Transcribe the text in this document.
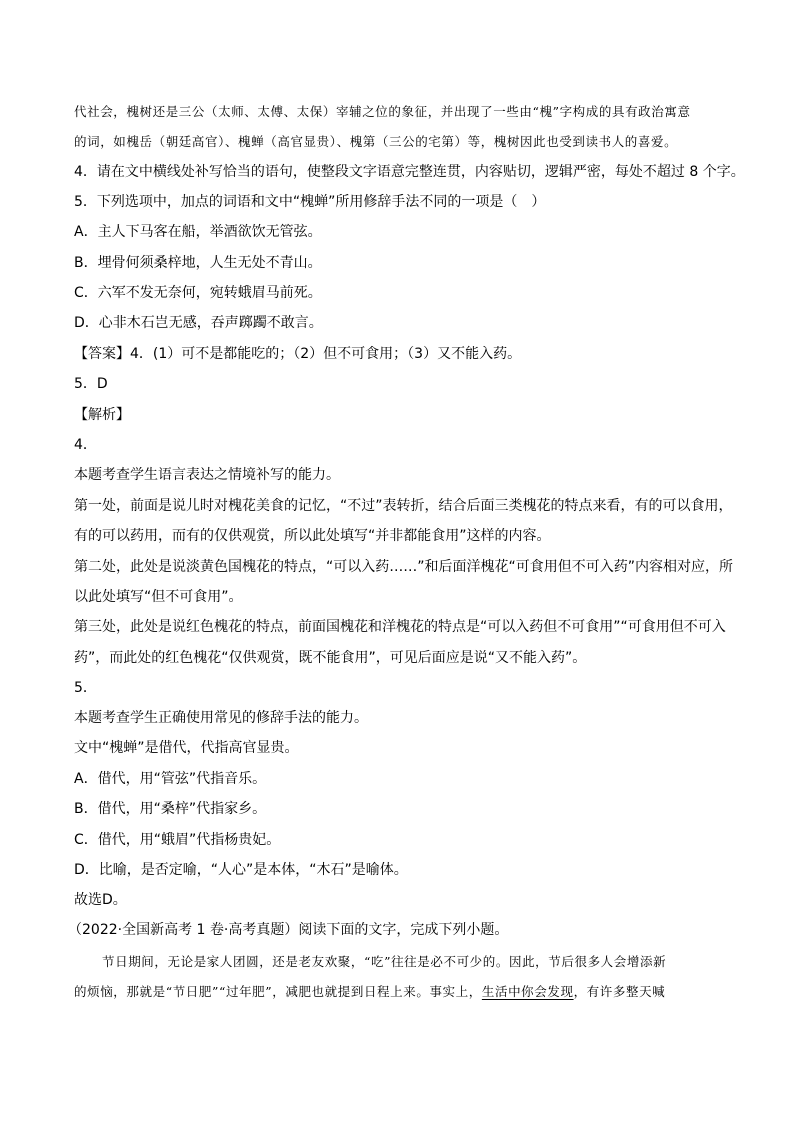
代社会，槐树还是三公（太师、太傅、太保）宰辅之位的象征，并出现了一些由“槐”字构成的具有政治寓意
的词，如槐岳（朝廷高官）、槐蝉（高官显贵）、槐第（三公的宅第）等，槐树因此也受到读书人的喜爱。
4．请在文中横线处补写恰当的语句，使整段文字语意完整连贯，内容贴切，逻辑严密，每处不超过 8 个字。
5．下列选项中，加点的词语和文中“槐蝉”所用修辞手法不同的一项是（　）
A．主人下马客在船，举酒欲饮无管弦。
B．埋骨何须桑梓地，人生无处不青山。
C．六军不发无奈何，宛转蛾眉马前死。
D．心非木石岂无感，吞声踯躅不敢言。
【答案】4．(1）可不是都能吃的；（2）但不可食用；（3）又不能入药。
5．D
【解析】
4．
本题考查学生语言表达之情境补写的能力。
第一处，前面是说儿时对槐花美食的记忆，“不过”表转折，结合后面三类槐花的特点来看，有的可以食用，
有的可以药用，而有的仅供观赏，所以此处填写“并非都能食用”这样的内容。
第二处，此处是说淡黄色国槐花的特点，“可以入药……”和后面洋槐花“可食用但不可入药”内容相对应，所
以此处填写“但不可食用”。
第三处，此处是说红色槐花的特点，前面国槐花和洋槐花的特点是“可以入药但不可食用”“可食用但不可入
药”，而此处的红色槐花“仅供观赏，既不能食用”，可见后面应是说“又不能入药”。
5．
本题考查学生正确使用常见的修辞手法的能力。
文中“槐蝉”是借代，代指高官显贵。
A．借代，用“管弦”代指音乐。
B．借代，用“桑梓”代指家乡。
C．借代，用“蛾眉”代指杨贵妃。
D．比喻，是否定喻，“人心”是本体，“木石”是喻体。
故选D。
（2022·全国新高考 1 卷·高考真题）阅读下面的文字，完成下列小题。
节日期间，无论是家人团圆，还是老友欢聚，“吃”往往是必不可少的。因此，节后很多人会增添新
的烦恼，那就是“节日肥”“过年肥”，减肥也就提到日程上来。事实上，生活中你会发现，有许多整天喊
